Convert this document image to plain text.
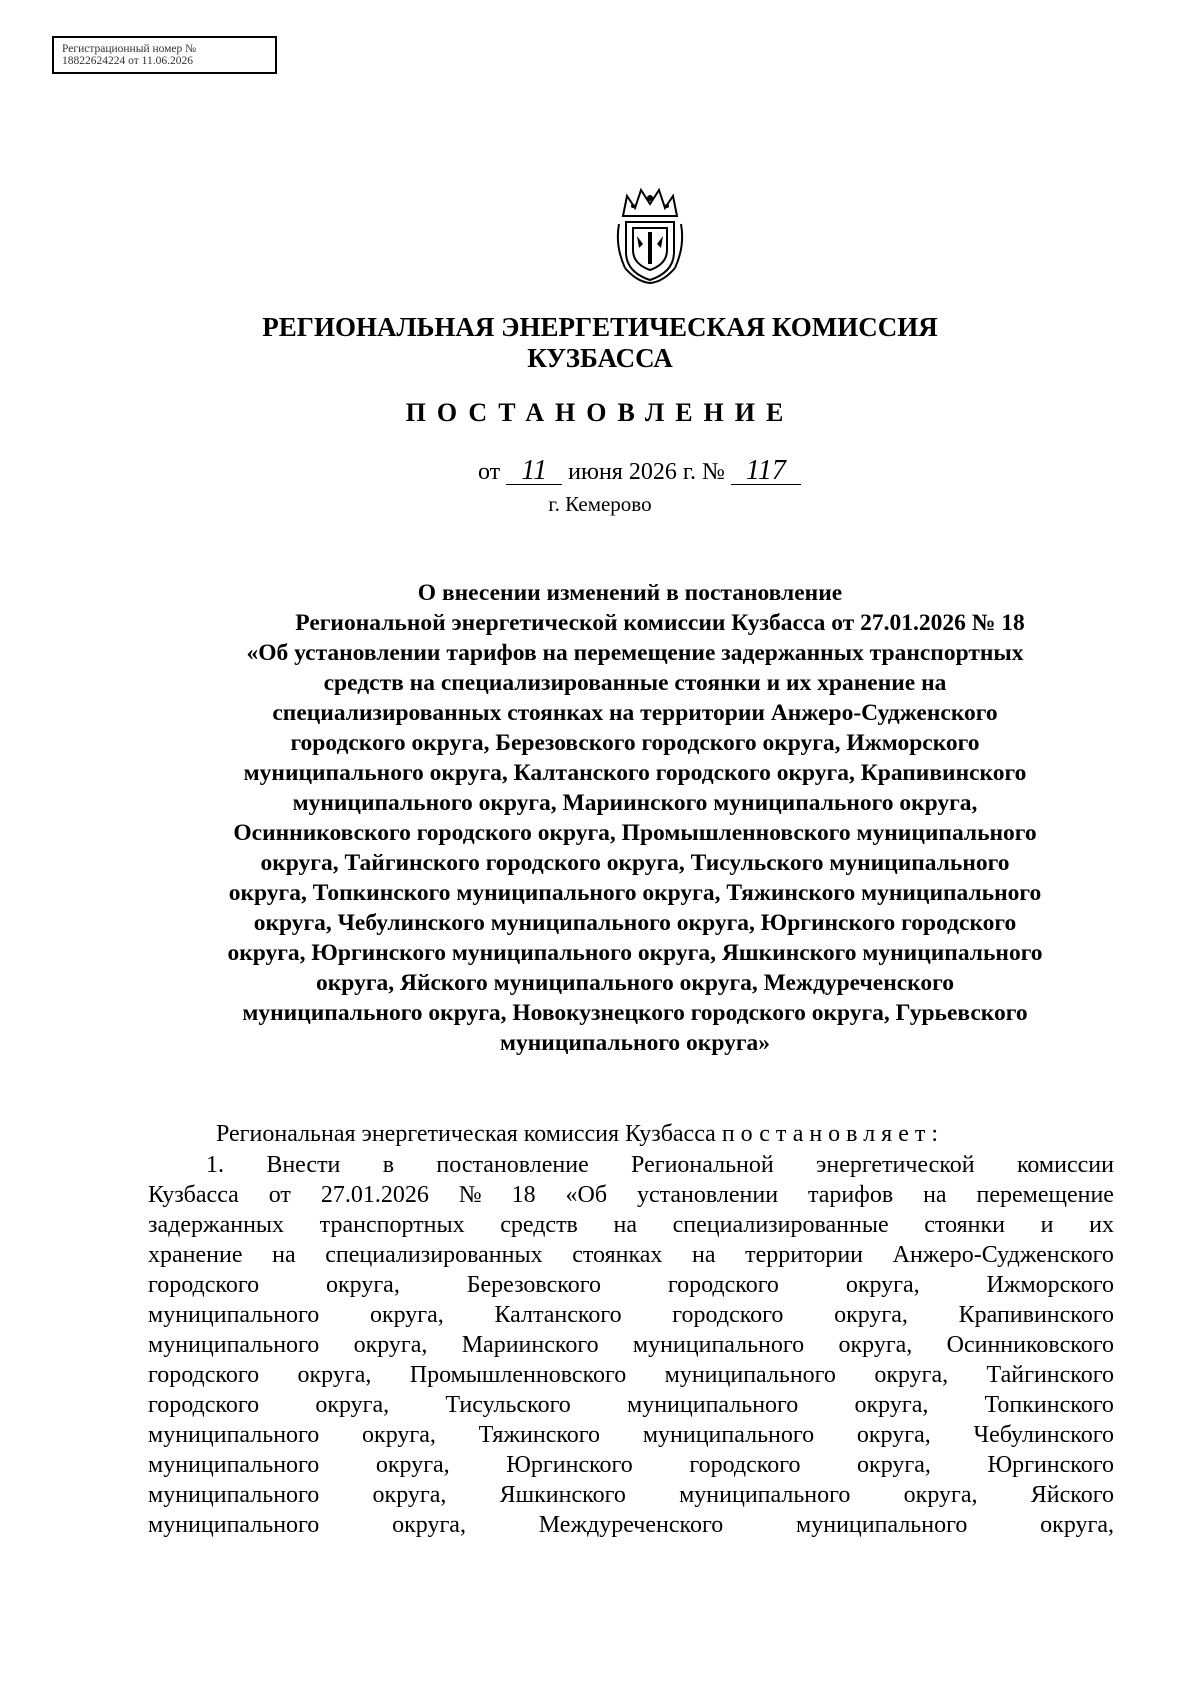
Регистрационный номер №
18822624224 от 11.06.2026
РЕГИОНАЛЬНАЯ ЭНЕРГЕТИЧЕСКАЯ КОМИССИЯ
КУЗБАССА
ПОСТАНОВЛЕНИЕ
от 11 июня 2026 г. № 117
г. Кемерово
О внесении изменений в постановление
Региональной энергетической комиссии Кузбасса от 27.01.2026 № 18
«Об установлении тарифов на перемещение задержанных транспортных
средств на специализированные стоянки и их хранение на
специализированных стоянках на территории Анжеро-Судженского
городского округа, Березовского городского округа, Ижморского
муниципального округа, Калтанского городского округа, Крапивинского
муниципального округа, Мариинского муниципального округа,
Осинниковского городского округа, Промышленновского муниципального
округа, Тайгинского городского округа, Тисульского муниципального
округа, Топкинского муниципального округа, Тяжинского муниципального
округа, Чебулинского муниципального округа, Юргинского городского
округа, Юргинского муниципального округа, Яшкинского муниципального
округа, Яйского муниципального округа, Междуреченского
муниципального округа, Новокузнецкого городского округа, Гурьевского
муниципального округа»
Региональная энергетическая комиссия Кузбасса постановляет:
1. Внести в постановление Региональной энергетической комиссии
Кузбасса от 27.01.2026 № 18 «Об установлении тарифов на перемещение
задержанных транспортных средств на специализированные стоянки и их
хранение на специализированных стоянках на территории Анжеро-Судженского
городского	округа,	Березовского	городского	округа,	Ижморского
муниципального округа, Калтанского городского округа, Крапивинского
муниципального округа, Мариинского муниципального округа, Осинниковского
городского округа, Промышленновского муниципального округа, Тайгинского
городского округа, Тисульского муниципального округа, Топкинского
муниципального округа, Тяжинского муниципального округа, Чебулинского
муниципального округа, Юргинского городского округа, Юргинского
муниципального округа, Яшкинского муниципального округа, Яйского
муниципального	округа,	Междуреченского	муниципального	округа,
